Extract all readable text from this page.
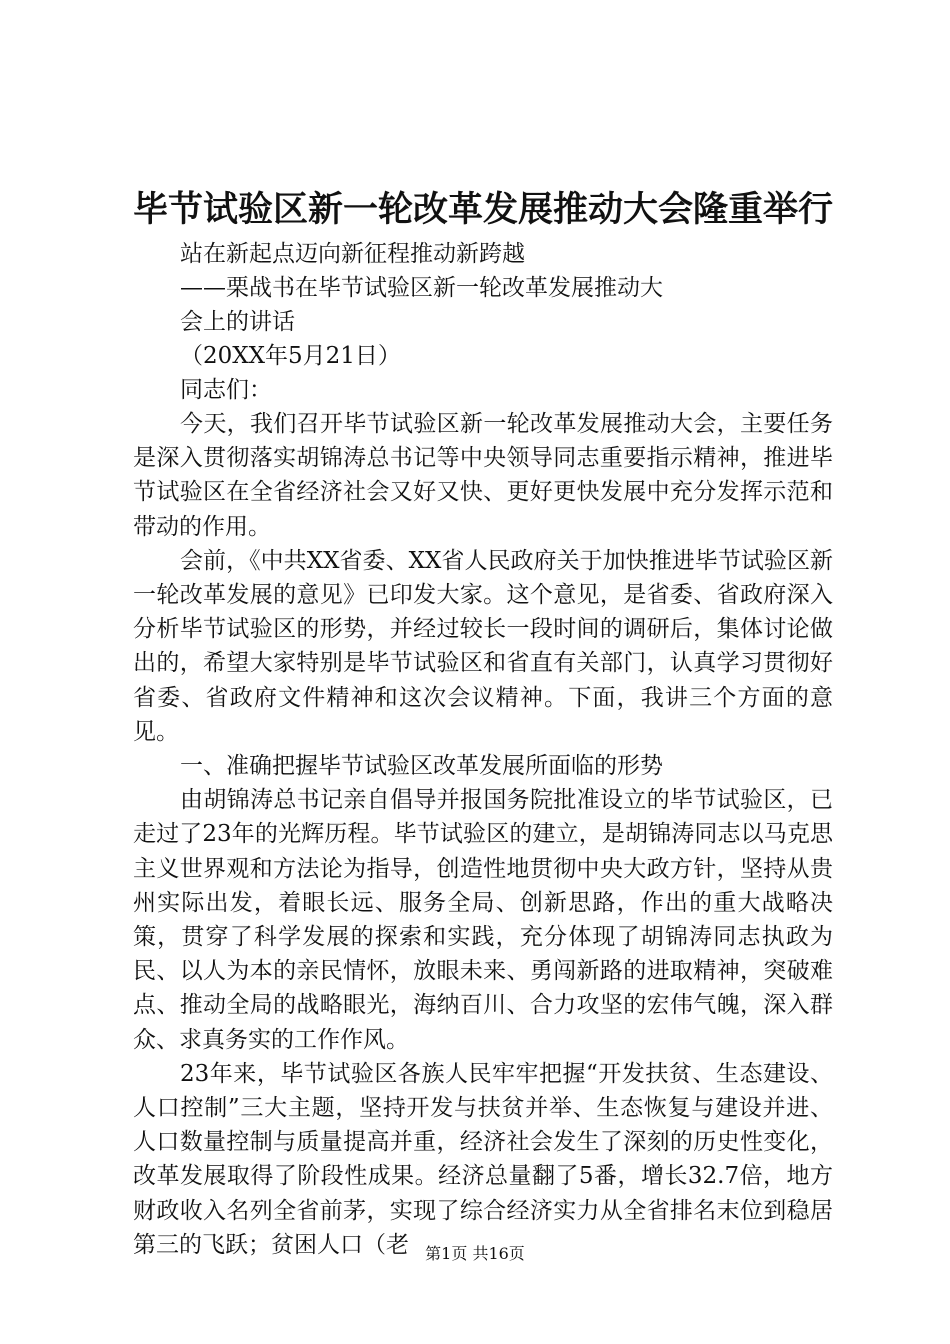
毕节试验区新一轮改革发展推动大会隆重举行
站在新起点迈向新征程推动新跨越
——栗战书在毕节试验区新一轮改革发展推动大
会上的讲话
（20XX年5月21日）
同志们：

今天，我们召开毕节试验区新一轮改革发展推动大会，主要任务是深入贯彻落实胡锦涛总书记等中央领导同志重要指示精神，推进毕节试验区在全省经济社会又好又快、更好更快发展中充分发挥示范和带动的作用。

会前，《中共XX省委、XX省人民政府关于加快推进毕节试验区新一轮改革发展的意见》已印发大家。这个意见，是省委、省政府深入分析毕节试验区的形势，并经过较长一段时间的调研后，集体讨论做出的，希望大家特别是毕节试验区和省直有关部门，认真学习贯彻好省委、省政府文件精神和这次会议精神。下面，我讲三个方面的意见。

一、准确把握毕节试验区改革发展所面临的形势

由胡锦涛总书记亲自倡导并报国务院批准设立的毕节试验区，已走过了23年的光辉历程。毕节试验区的建立，是胡锦涛同志以马克思主义世界观和方法论为指导，创造性地贯彻中央大政方针，坚持从贵州实际出发，着眼长远、服务全局、创新思路，作出的重大战略决策，贯穿了科学发展的探索和实践，充分体现了胡锦涛同志执政为民、以人为本的亲民情怀，放眼未来、勇闯新路的进取精神，突破难点、推动全局的战略眼光，海纳百川、合力攻坚的宏伟气魄，深入群众、求真务实的工作作风。

23年来，毕节试验区各族人民牢牢把握“开发扶贫、生态建设、人口控制”三大主题，坚持开发与扶贫并举、生态恢复与建设并进、人口数量控制与质量提高并重，经济社会发生了深刻的历史性变化，改革发展取得了阶段性成果。经济总量翻了5番，增长32.7倍，地方财政收入名列全省前茅，实现了综合经济实力从全省排名末位到稳居第三的飞跃；贫困人口（老	第1页 共16页
